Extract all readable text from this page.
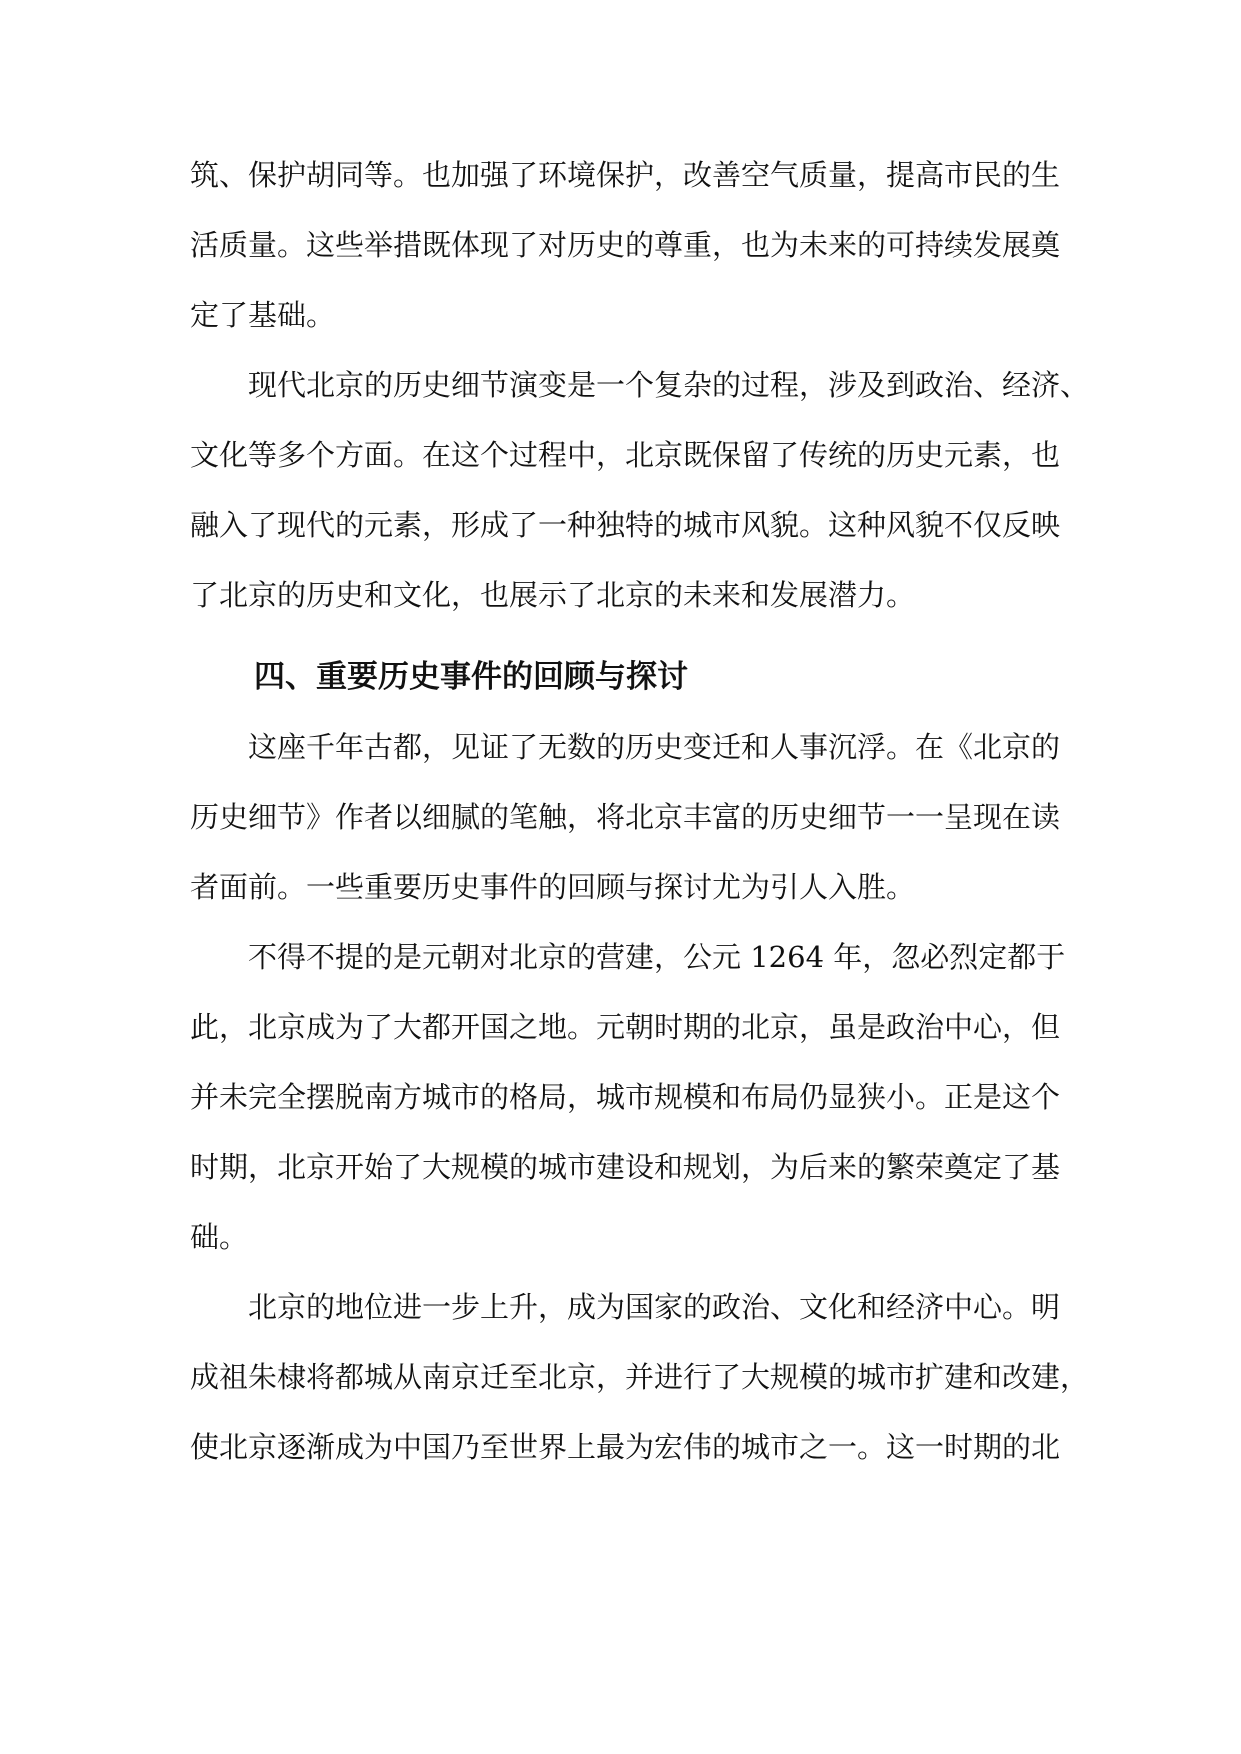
筑、保护胡同等。也加强了环境保护，改善空气质量，提高市民的生
活质量。这些举措既体现了对历史的尊重，也为未来的可持续发展奠
定了基础。
现代北京的历史细节演变是一个复杂的过程，涉及到政治、经济、
文化等多个方面。在这个过程中，北京既保留了传统的历史元素，也
融入了现代的元素，形成了一种独特的城市风貌。这种风貌不仅反映
了北京的历史和文化，也展示了北京的未来和发展潜力。
四、重要历史事件的回顾与探讨
这座千年古都，见证了无数的历史变迁和人事沉浮。在《北京的
历史细节》作者以细腻的笔触，将北京丰富的历史细节一一呈现在读
者面前。一些重要历史事件的回顾与探讨尤为引人入胜。
不得不提的是元朝对北京的营建，公元 1264 年，忽必烈定都于
此，北京成为了大都开国之地。元朝时期的北京，虽是政治中心，但
并未完全摆脱南方城市的格局，城市规模和布局仍显狭小。正是这个
时期，北京开始了大规模的城市建设和规划，为后来的繁荣奠定了基
础。
北京的地位进一步上升，成为国家的政治、文化和经济中心。明
成祖朱棣将都城从南京迁至北京，并进行了大规模的城市扩建和改建，
使北京逐渐成为中国乃至世界上最为宏伟的城市之一。这一时期的北
